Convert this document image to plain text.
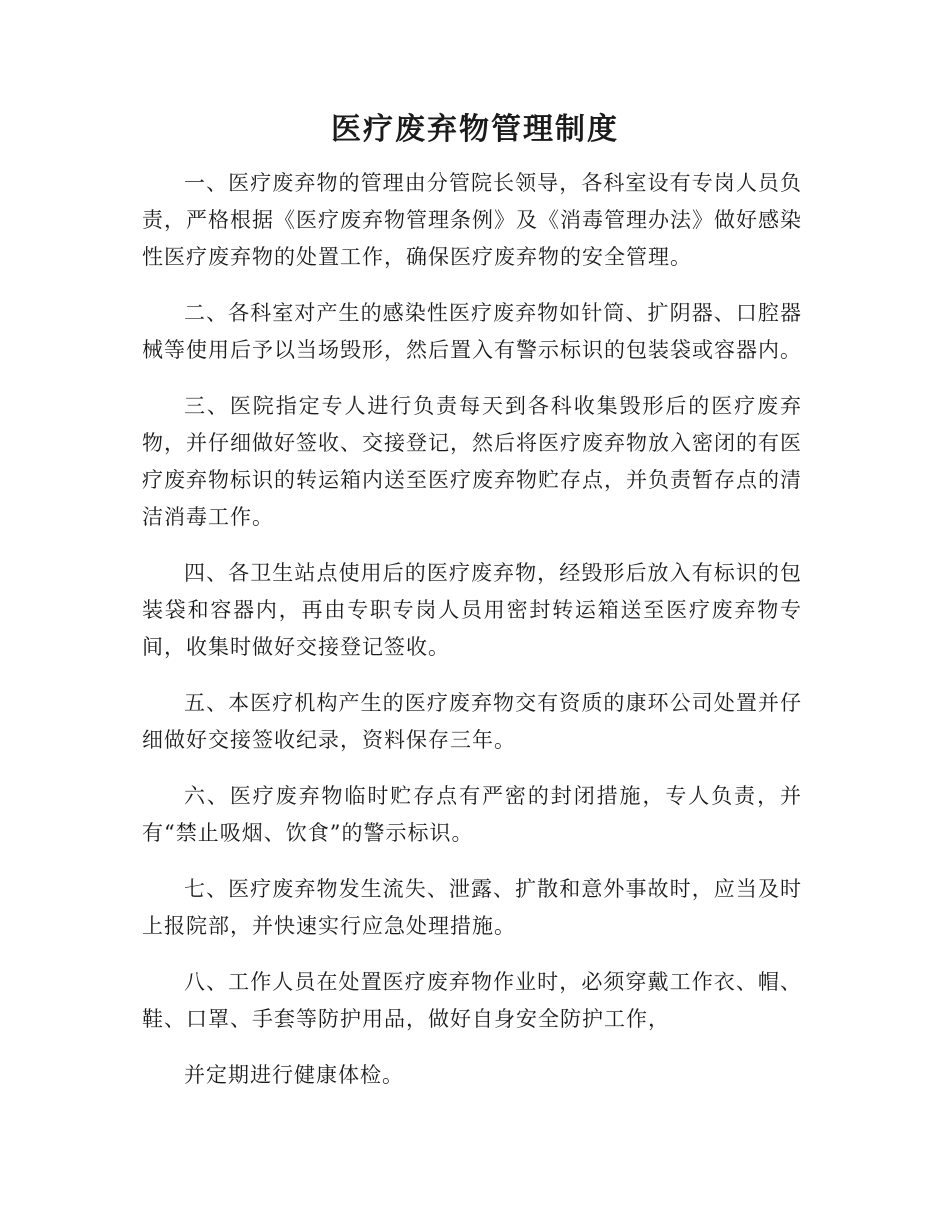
医疗废弃物管理制度

一、医疗废弃物的管理由分管院长领导，各科室设有专岗人员负责，严格根据《医疗废弃物管理条例》及《消毒管理办法》做好感染性医疗废弃物的处置工作，确保医疗废弃物的安全管理。

二、各科室对产生的感染性医疗废弃物如针筒、扩阴器、口腔器械等使用后予以当场毁形，然后置入有警示标识的包装袋或容器内。

三、医院指定专人进行负责每天到各科收集毁形后的医疗废弃物，并仔细做好签收、交接登记，然后将医疗废弃物放入密闭的有医疗废弃物标识的转运箱内送至医疗废弃物贮存点，并负责暂存点的清洁消毒工作。

四、各卫生站点使用后的医疗废弃物，经毁形后放入有标识的包装袋和容器内，再由专职专岗人员用密封转运箱送至医疗废弃物专间，收集时做好交接登记签收。

五、本医疗机构产生的医疗废弃物交有资质的康环公司处置并仔细做好交接签收纪录，资料保存三年。

六、医疗废弃物临时贮存点有严密的封闭措施，专人负责，并有“禁止吸烟、饮食”的警示标识。

七、医疗废弃物发生流失、泄露、扩散和意外事故时，应当及时上报院部，并快速实行应急处理措施。

八、工作人员在处置医疗废弃物作业时，必须穿戴工作衣、帽、鞋、口罩、手套等防护用品，做好自身安全防护工作，

并定期进行健康体检。
